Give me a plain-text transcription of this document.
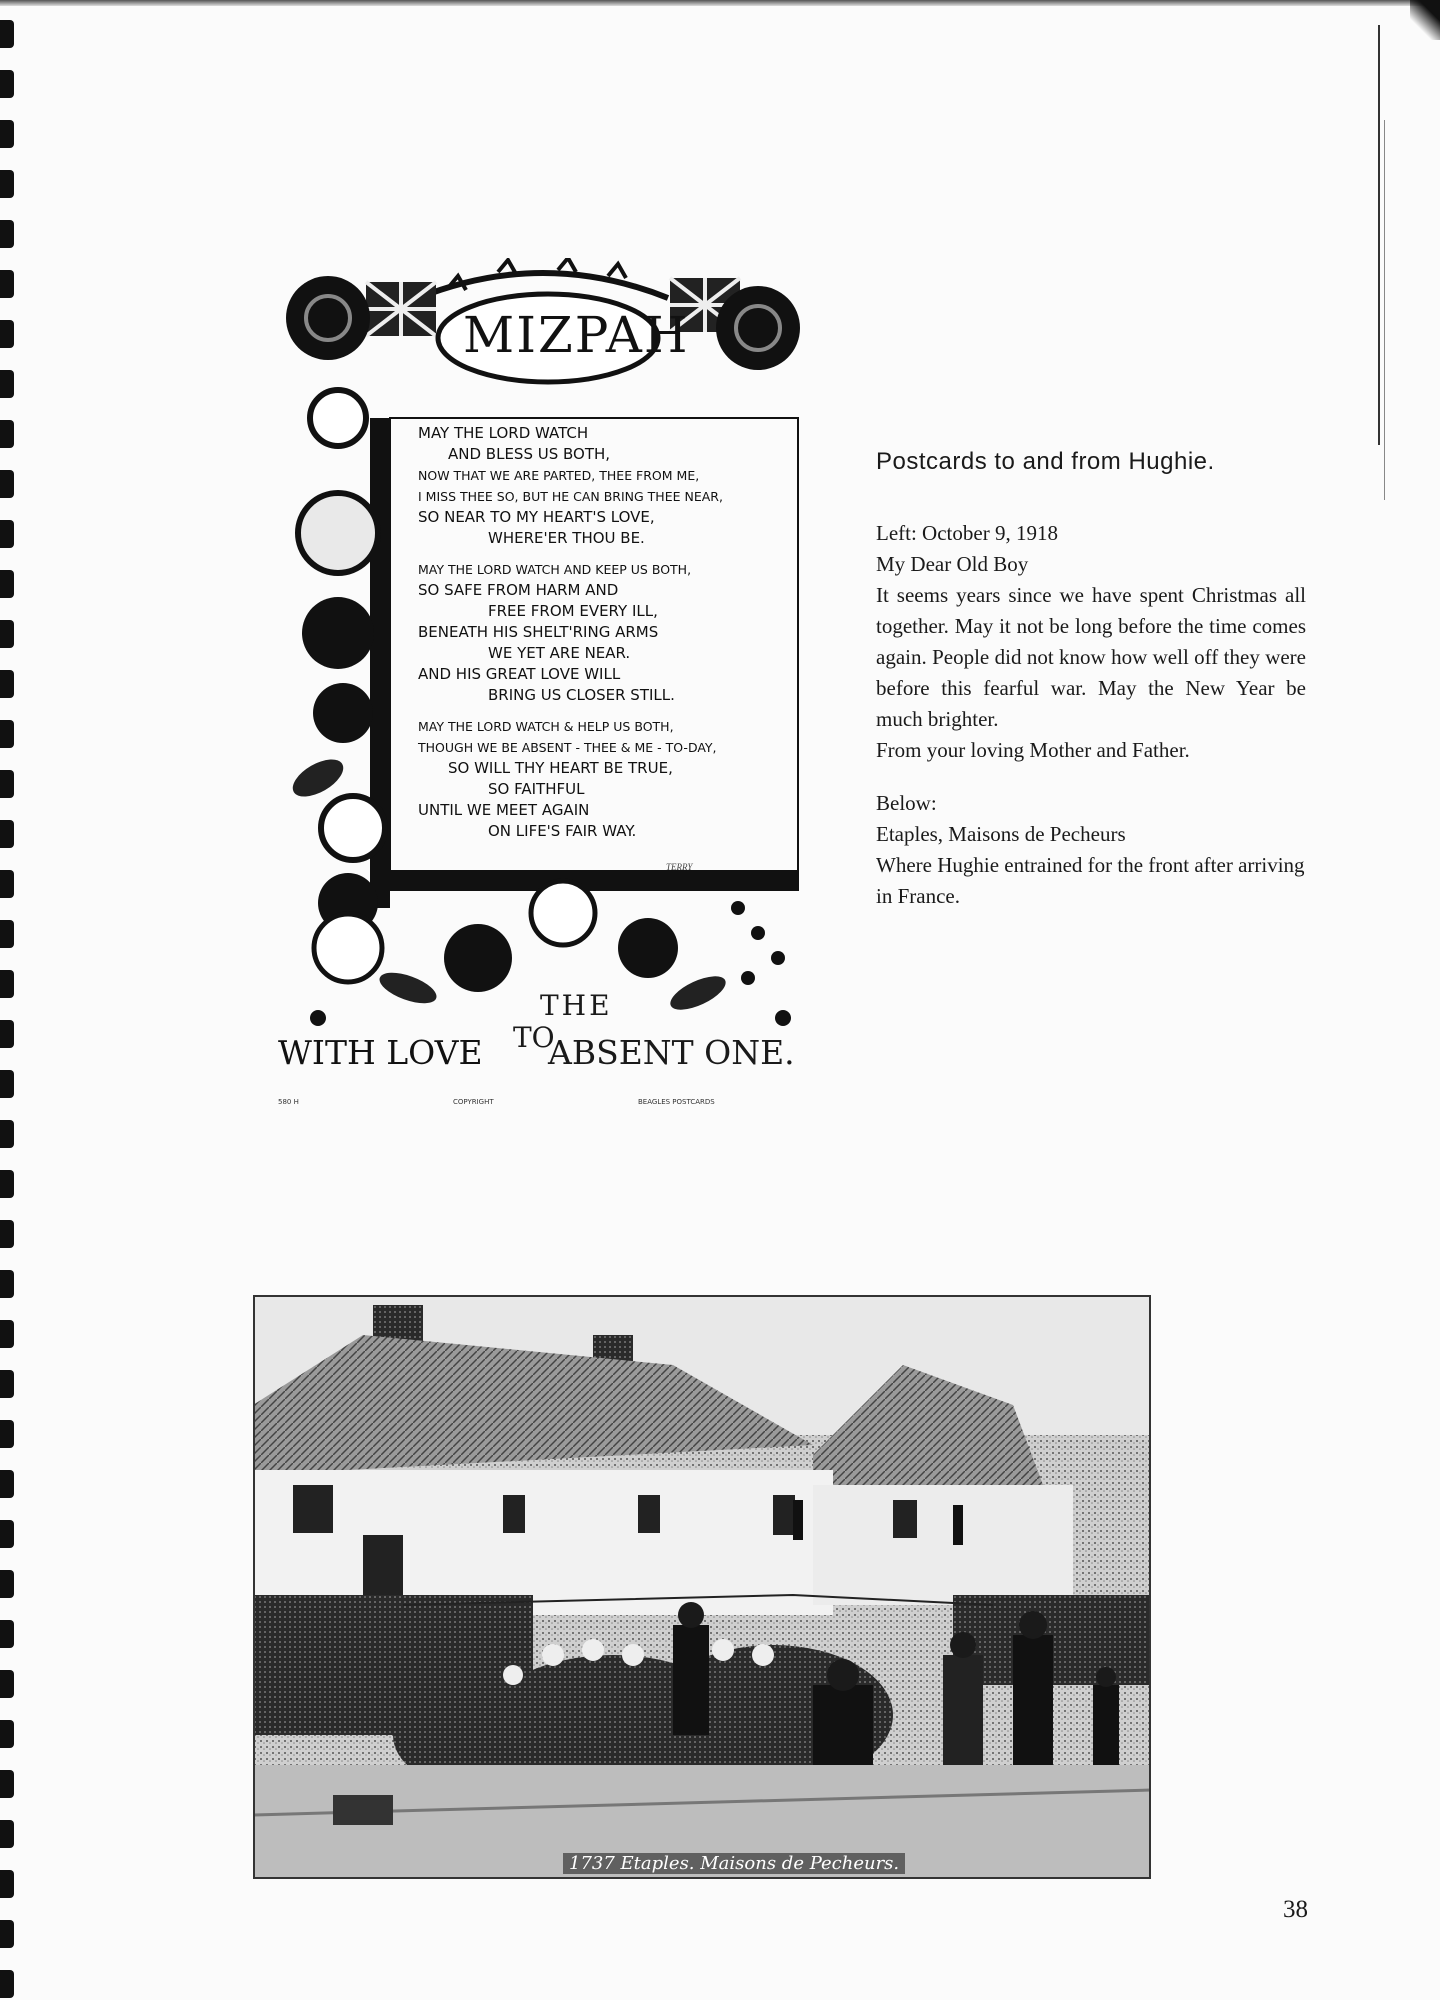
MIZPAH
MAY THE LORD WATCH
AND BLESS US BOTH,
NOW THAT WE ARE PARTED, THEE FROM ME,
I MISS THEE SO, BUT HE CAN BRING THEE NEAR,
SO NEAR TO MY HEART'S LOVE,
WHERE'ER THOU BE.
MAY THE LORD WATCH AND KEEP US BOTH,
SO SAFE FROM HARM AND
FREE FROM EVERY ILL,
BENEATH HIS SHELT'RING ARMS
WE YET ARE NEAR.
AND HIS GREAT LOVE WILL
BRING US CLOSER STILL.
MAY THE LORD WATCH & HELP US BOTH,
THOUGH WE BE ABSENT - THEE & ME - TO-DAY,
SO WILL THY HEART BE TRUE,
SO FAITHFUL
UNTIL WE MEET AGAIN
ON LIFE'S FAIR WAY.
TERRY
WITH LOVE TO
THE
ABSENT ONE.
580 H	COPYRIGHT	BEAGLES POSTCARDS

Postcards to and from Hughie.

Left: October 9, 1918

My Dear Old Boy

It seems years since we have spent Christmas all together. May it not be long before the time comes again. People did not know how well off they were before this fearful war. May the New Year be much brighter.

From your loving Mother and Father.

Below:

Etaples, Maisons de Pecheurs

Where Hughie entrained for the front after arriving in France.

1737 Etaples. Maisons de Pecheurs.
38
